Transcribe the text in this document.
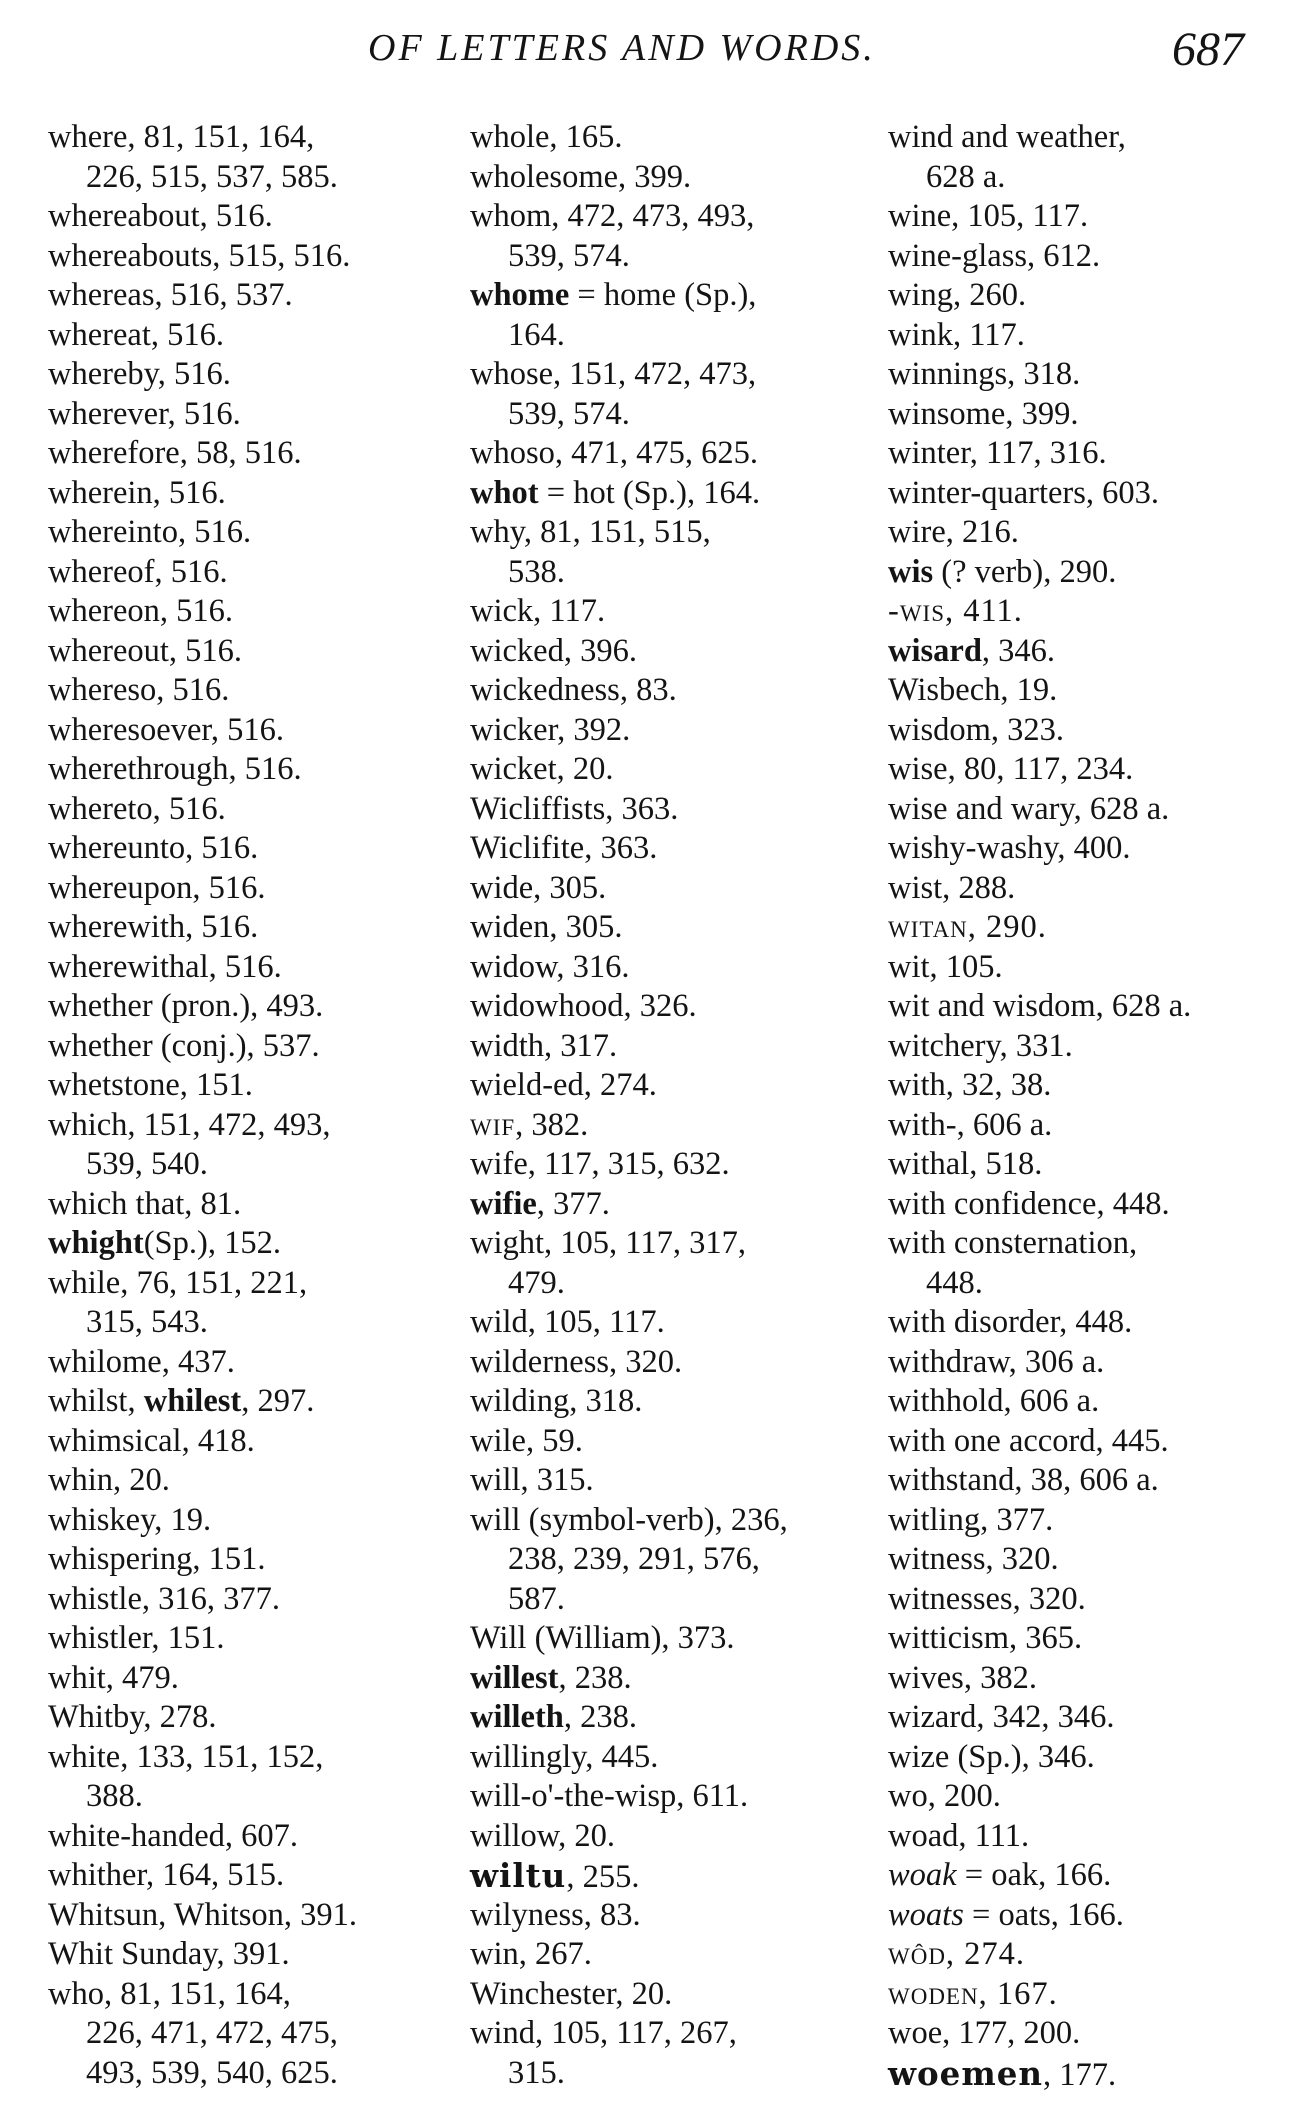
OF LETTERS AND WORDS.	687
where, 81, 151, 164,
226, 515, 537, 585.
whereabout, 516.
whereabouts, 515, 516.
whereas, 516, 537.
whereat, 516.
whereby, 516.
wherever, 516.
wherefore, 58, 516.
wherein, 516.
whereinto, 516.
whereof, 516.
whereon, 516.
whereout, 516.
whereso, 516.
wheresoever, 516.
wherethrough, 516.
whereto, 516.
whereunto, 516.
whereupon, 516.
wherewith, 516.
wherewithal, 516.
whether (pron.), 493.
whether (conj.), 537.
whetstone, 151.
which, 151, 472, 493,
539, 540.
which that, 81.
whight(Sp.), 152.
while, 76, 151, 221,
315, 543.
whilome, 437.
whilst, whilest, 297.
whimsical, 418.
whin, 20.
whiskey, 19.
whispering, 151.
whistle, 316, 377.
whistler, 151.
whit, 479.
Whitby, 278.
white, 133, 151, 152,
388.
white-handed, 607.
whither, 164, 515.
Whitsun, Whitson, 391.
Whit Sunday, 391.
who, 81, 151, 164,
226, 471, 472, 475,
493, 539, 540, 625.
whole, 165.
wholesome, 399.
whom, 472, 473, 493,
539, 574.
whome = home (Sp.),
164.
whose, 151, 472, 473,
539, 574.
whoso, 471, 475, 625.
whot = hot (Sp.), 164.
why, 81, 151, 515,
538.
wick, 117.
wicked, 396.
wickedness, 83.
wicker, 392.
wicket, 20.
Wicliffists, 363.
Wiclifite, 363.
wide, 305.
widen, 305.
widow, 316.
widowhood, 326.
width, 317.
wield-ed, 274.
wif, 382.
wife, 117, 315, 632.
wifie, 377.
wight, 105, 117, 317,
479.
wild, 105, 117.
wilderness, 320.
wilding, 318.
wile, 59.
will, 315.
will (symbol-verb), 236,
238, 239, 291, 576,
587.
Will (William), 373.
willest, 238.
willeth, 238.
willingly, 445.
will-o'-the-wisp, 611.
willow, 20.
wiltu, 255.
wilyness, 83.
win, 267.
Winchester, 20.
wind, 105, 117, 267,
315.
wind and weather,
628 a.
wine, 105, 117.
wine-glass, 612.
wing, 260.
wink, 117.
winnings, 318.
winsome, 399.
winter, 117, 316.
winter-quarters, 603.
wire, 216.
wis (? verb), 290.
-wis, 411.
wisard, 346.
Wisbech, 19.
wisdom, 323.
wise, 80, 117, 234.
wise and wary, 628 a.
wishy-washy, 400.
wist, 288.
witan, 290.
wit, 105.
wit and wisdom, 628 a.
witchery, 331.
with, 32, 38.
with-, 606 a.
withal, 518.
with confidence, 448.
with consternation,
448.
with disorder, 448.
withdraw, 306 a.
withhold, 606 a.
with one accord, 445.
withstand, 38, 606 a.
witling, 377.
witness, 320.
witnesses, 320.
witticism, 365.
wives, 382.
wizard, 342, 346.
wize (Sp.), 346.
wo, 200.
woad, 111.
woak = oak, 166.
woats = oats, 166.
wôd, 274.
woden, 167.
woe, 177, 200.
woemen, 177.
